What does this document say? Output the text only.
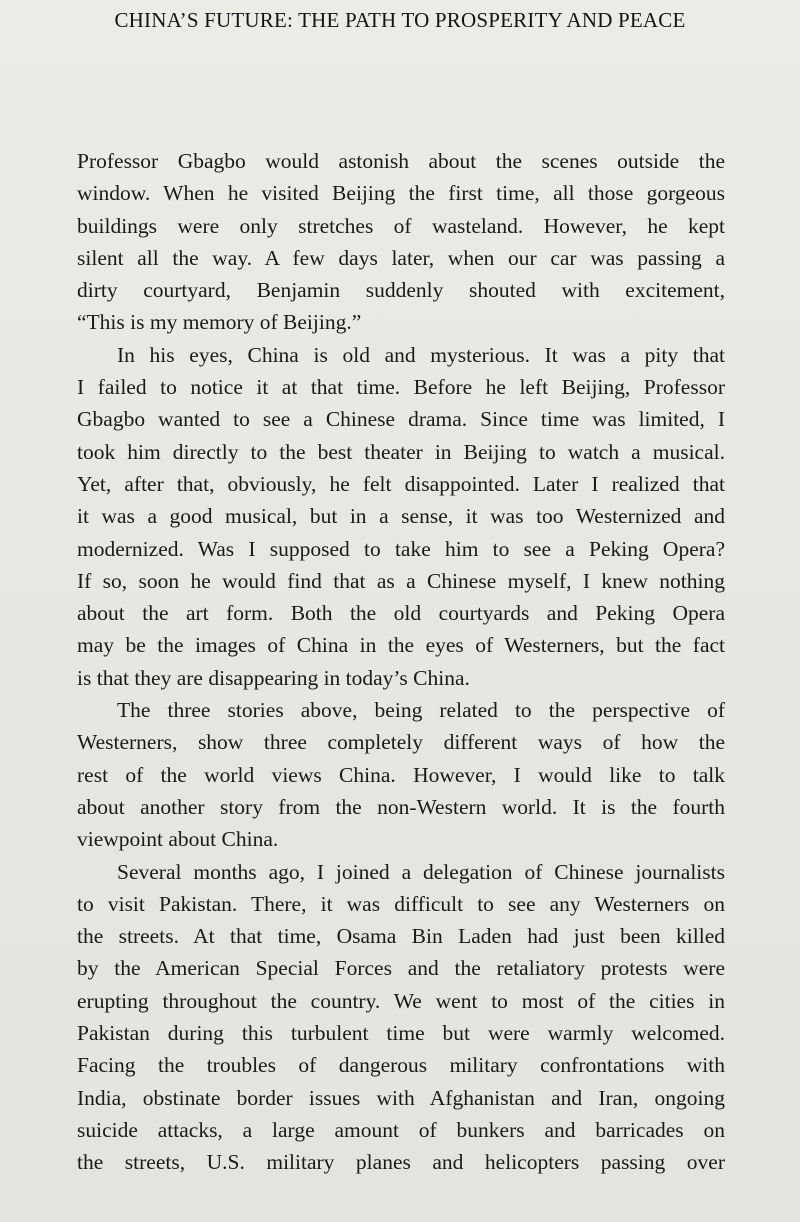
CHINA’S FUTURE: THE PATH TO PROSPERITY AND PEACE
Professor Gbagbo would astonish about the scenes outside the
window. When he visited Beijing the first time, all those gorgeous
buildings were only stretches of wasteland. However, he kept
silent all the way. A few days later, when our car was passing a
dirty courtyard, Benjamin suddenly shouted with excitement,
“This is my memory of Beijing.”
In his eyes, China is old and mysterious. It was a pity that
I failed to notice it at that time. Before he left Beijing, Professor
Gbagbo wanted to see a Chinese drama. Since time was limited, I
took him directly to the best theater in Beijing to watch a musical.
Yet, after that, obviously, he felt disappointed. Later I realized that
it was a good musical, but in a sense, it was too Westernized and
modernized. Was I supposed to take him to see a Peking Opera?
If so, soon he would find that as a Chinese myself, I knew nothing
about the art form. Both the old courtyards and Peking Opera
may be the images of China in the eyes of Westerners, but the fact
is that they are disappearing in today’s China.
The three stories above, being related to the perspective of
Westerners, show three completely different ways of how the
rest of the world views China. However, I would like to talk
about another story from the non-Western world. It is the fourth
viewpoint about China.
Several months ago, I joined a delegation of Chinese journalists
to visit Pakistan. There, it was difficult to see any Westerners on
the streets. At that time, Osama Bin Laden had just been killed
by the American Special Forces and the retaliatory protests were
erupting throughout the country. We went to most of the cities in
Pakistan during this turbulent time but were warmly welcomed.
Facing the troubles of dangerous military confrontations with
India, obstinate border issues with Afghanistan and Iran, ongoing
suicide attacks, a large amount of bunkers and barricades on
the streets, U.S. military planes and helicopters passing over
